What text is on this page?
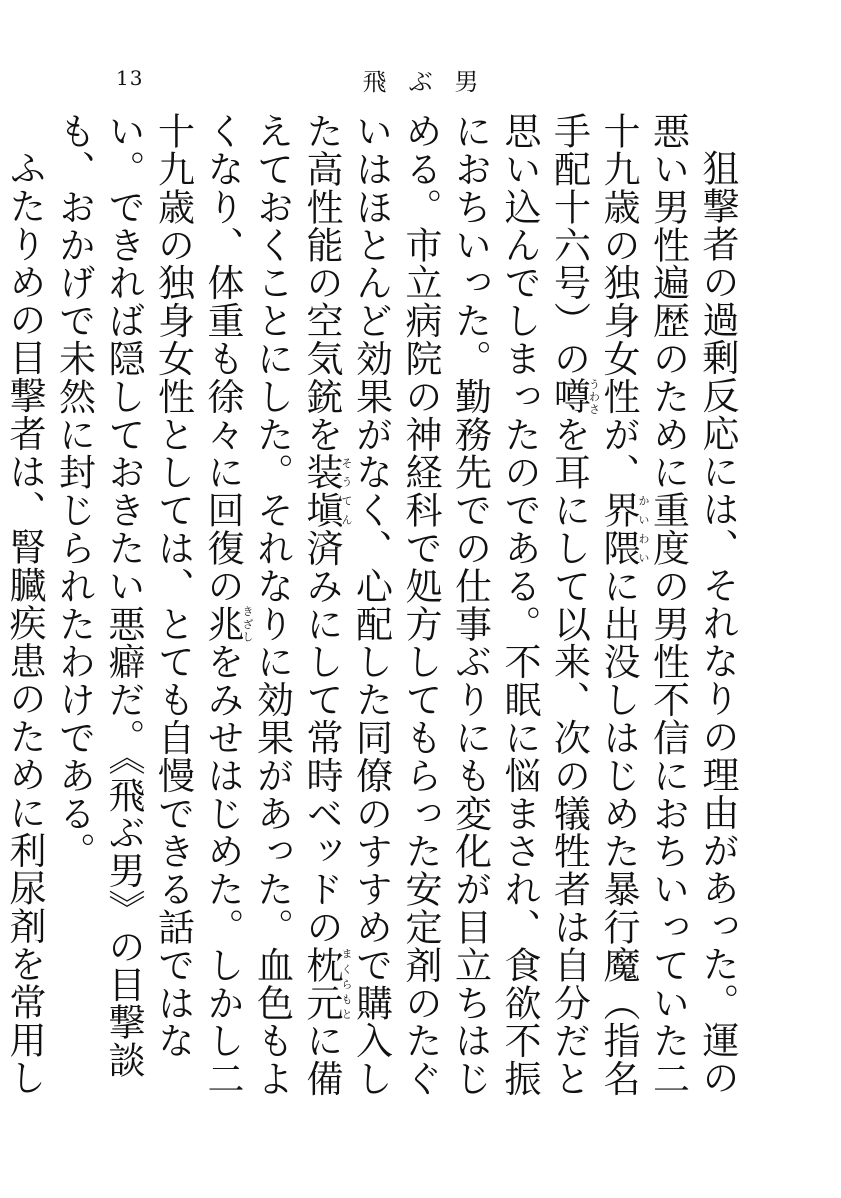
13	飛ぶ男

狙撃者の過剰反応には、それなりの理由があった。運の悪い男性遍歴のために重度の男性不信におちいっていた二十九歳の独身女性が、界隈かいわいに出没しはじめた暴行魔（指名手配十六号）の噂うわさを耳にして以来、次の犠牲者は自分だと思い込んでしまったのである。不眠に悩まされ、食欲不振におちいった。勤務先での仕事ぶりにも変化が目立ちはじめる。市立病院の神経科で処方してもらった安定剤のたぐいはほとんど効果がなく、心配した同僚のすすめで購入した高性能の空気銃を装塡そうてん済みにして常時ベッドの枕元まくらもとに備えておくことにした。それなりに効果があった。血色もよくなり、体重も徐々に回復の兆きざしをみせはじめた。しかし二十九歳の独身女性としては、とても自慢できる話ではない。できれば隠しておきたい悪癖だ。《飛ぶ男》の目撃談も、おかげで未然に封じられたわけである。

ふたりめの目撃者は、腎臓疾患のために利尿剤を常用し
